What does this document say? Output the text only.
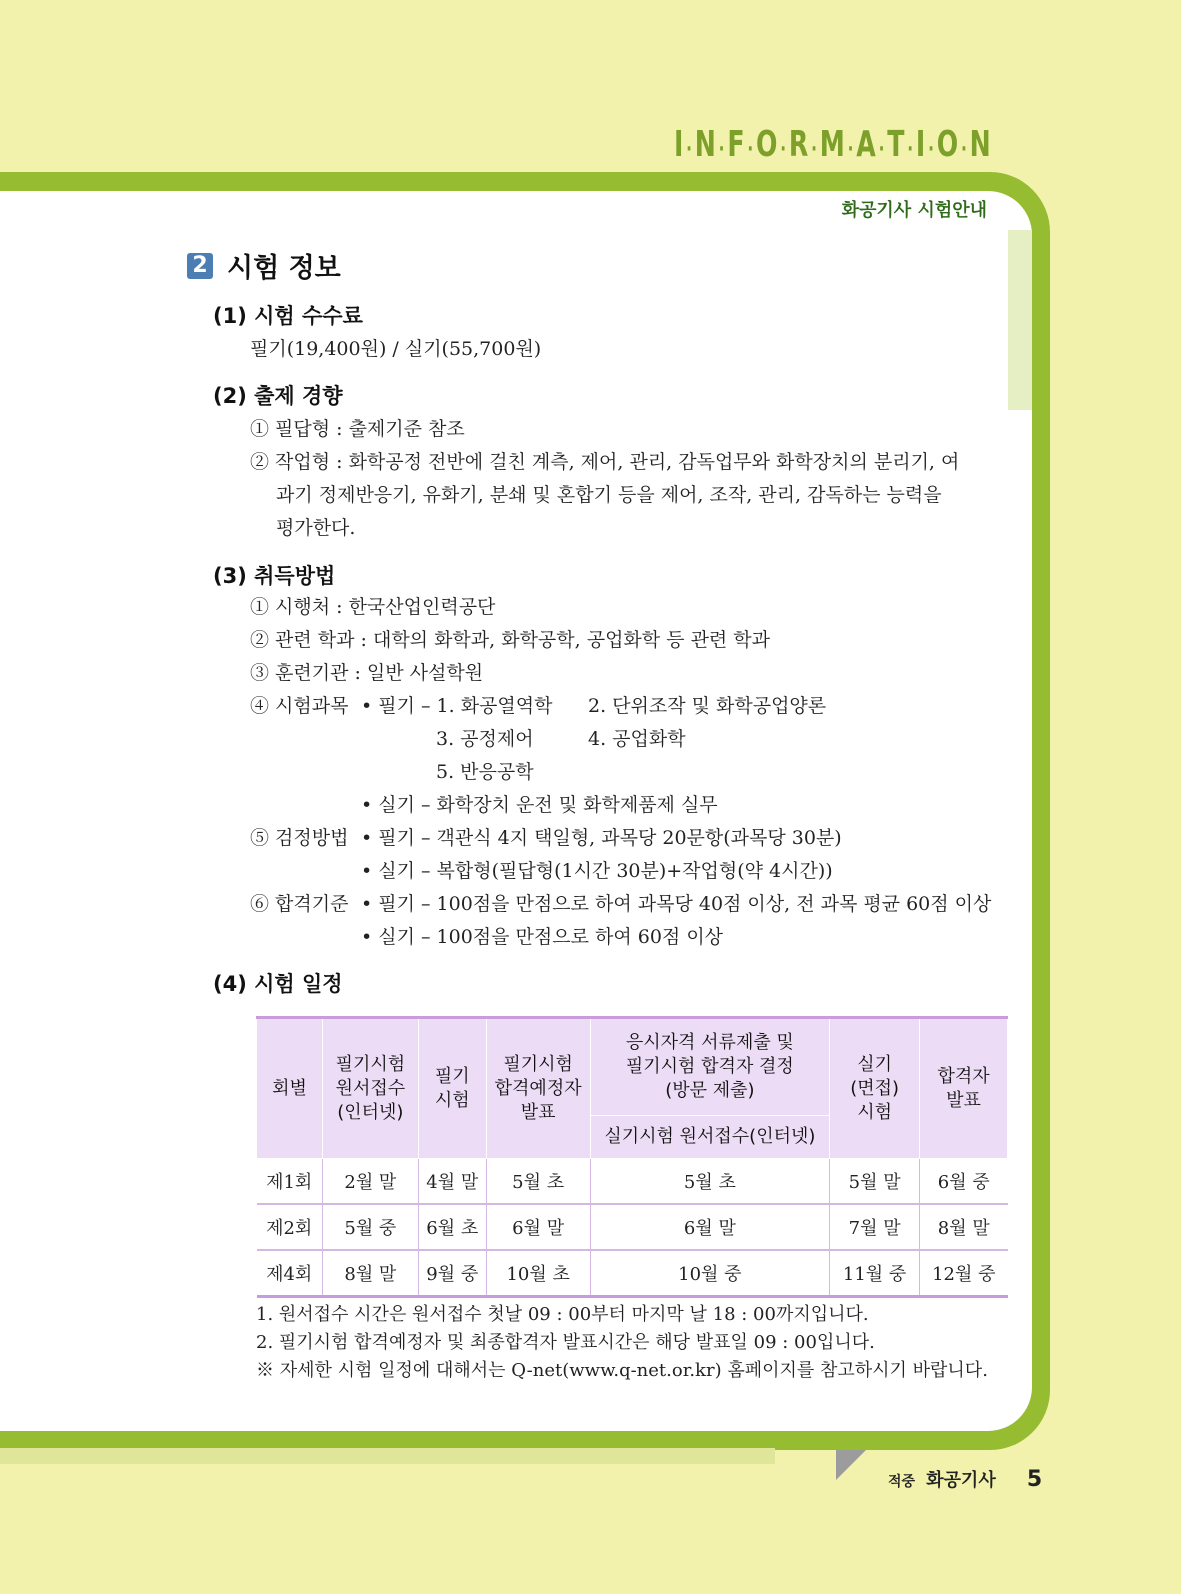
I·N·F·O·R·M·A·T·I·O·N
화공기사 시험안내
2 시험 정보
(1) 시험 수수료
필기(19,400원) / 실기(55,700원)
(2) 출제 경향
① 필답형 : 출제기준 참조
② 작업형 : 화학공정 전반에 걸친 계측, 제어, 관리, 감독업무와 화학장치의 분리기, 여
과기 정제반응기, 유화기, 분쇄 및 혼합기 등을 제어, 조작, 관리, 감독하는 능력을
평가한다.
(3) 취득방법
① 시행처 : 한국산업인력공단
② 관련 학과 : 대학의 화학과, 화학공학, 공업화학 등 관련 학과
③ 훈련기관 : 일반 사설학원
④ 시험과목 • 필기 – 1. 화공열역학 2. 단위조작 및 화학공업양론
3. 공정제어	4. 공업화학
5. 반응공학
• 실기 – 화학장치 운전 및 화학제품제 실무
⑤ 검정방법 • 필기 – 객관식 4지 택일형, 과목당 20문항(과목당 30분)
• 실기 – 복합형(필답형(1시간 30분)+작업형(약 4시간))
⑥ 합격기준 • 필기 – 100점을 만점으로 하여 과목당 40점 이상, 전 과목 평균 60점 이상
• 실기 – 100점을 만점으로 하여 60점 이상
(4) 시험 일정
회별	필기시험
원서접수
(인터넷)	필기
시험	필기시험
합격예정자
발표	응시자격 서류제출 및
필기시험 합격자 결정
(방문 제출)	실기
(면접)
시험	합격자
발표
				실기시험 원서접수(인터넷)		
제1회	2월 말	4월 말	5월 초	5월 초	5월 말	6월 중
제2회	5월 중	6월 초	6월 말	6월 말	7월 말	8월 말
제4회	8월 말	9월 중	10월 초	10월 중	11월 중	12월 중
1. 원서접수 시간은 원서접수 첫날 09 : 00부터 마지막 날 18 : 00까지입니다.
2. 필기시험 합격예정자 및 최종합격자 발표시간은 해당 발표일 09 : 00입니다.
※ 자세한 시험 일정에 대해서는 Q-net(www.q-net.or.kr) 홈페이지를 참고하시기 바랍니다.
적중 화공기사 5
